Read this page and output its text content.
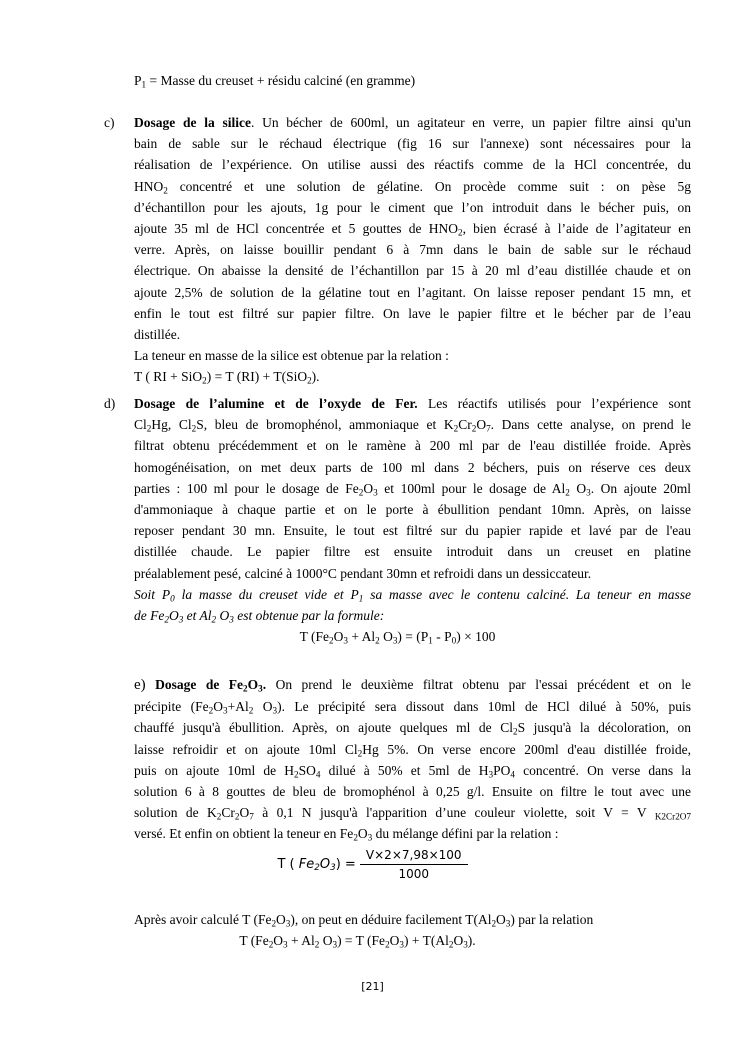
$P_1$ = Masse du creuset + résidu calciné (en gramme)
c) Dosage de la silice. Un bécher de 600ml, un agitateur en verre, un papier filtre ainsi qu'un
bain de sable sur le réchaud électrique (fig 16 sur l'annexe) sont nécessaires pour la
réalisation de l’expérience. On utilise aussi des réactifs comme de la HCl concentrée, du
$HNO_2$ concentré et une solution de gélatine. On procède comme suit : on pèse 5g
d’échantillon pour les ajouts, 1g pour le ciment que l’on introduit dans le bécher puis, on
ajoute 35 ml de HCl concentrée et 5 gouttes de $HNO_2$, bien écrasé à l’aide de l’agitateur en
verre. Après, on laisse bouillir pendant 6 à 7mn dans le bain de sable sur le réchaud
électrique. On abaisse la densité de l’échantillon par 15 à 20 ml d’eau distillée chaude et on
ajoute 2,5% de solution de la gélatine tout en l’agitant. On laisse reposer pendant 15 mn, et
enfin le tout est filtré sur papier filtre. On lave le papier filtre et le bécher par de l’eau
distillée.
La teneur en masse de la silice est obtenue par la relation :
T ( RI + SiO$_2$) = T (RI) + T(SiO$_2$).
d) Dosage de l’alumine et de l’oxyde de Fer. Les réactifs utilisés pour l’expérience sont
$Cl_2Hg$, $Cl_2S$, bleu de bromophénol, ammoniaque et $K_2Cr_2O_7$. Dans cette analyse, on prend le
filtrat obtenu précédemment et on le ramène à 200 ml par de l'eau distillée froide. Après
homogénéisation, on met deux parts de 100 ml dans 2 béchers, puis on réserve ces deux
parties : 100 ml pour le dosage de $Fe_2O_3$ et 100ml pour le dosage de $Al_2$ $O_3$. On ajoute 20ml
d'ammoniaque à chaque partie et on le porte à ébullition pendant 10mn. Après, on laisse
reposer pendant 30 mn. Ensuite, le tout est filtré sur du papier rapide et lavé par de l'eau
distillée chaude. Le papier filtre est ensuite introduit dans un creuset en platine
préalablement pesé, calciné à 1000°C pendant 30mn et refroidi dans un dessiccateur.
Soit $P_0$ la masse du creuset vide et $P_1$ sa masse avec le contenu calciné. La teneur en masse
de $Fe_2O_3$ et $Al_2$ $O_3$ est obtenue par la formule:
T ($Fe_2O_3 + Al_2$ $O_3) = (P_1 - P_0) \times 100$
e) Dosage de $Fe_2O_3$. On prend le deuxième filtrat obtenu par l'essai précédent et on le
précipite ($Fe_2O_3+Al_2$ $O_3$). Le précipité sera dissout dans 10ml de HCl dilué à 50%, puis
chauffé jusqu'à ébullition. Après, on ajoute quelques ml de $Cl_2S$ jusqu'à la décoloration, on
laisse refroidir et on ajoute 10ml $Cl_2Hg$ 5%. On verse encore 200ml d'eau distillée froide,
puis on ajoute 10ml de $H_2SO_4$ dilué à 50% et 5ml de $H_3PO_4$ concentré. On verse dans la
solution 6 à 8 gouttes de bleu de bromophénol à 0,25 g/l. Ensuite on filtre le tout avec une
solution de $K_2Cr_2O_7$ à 0,1 N jusqu'à l'apparition d’une couleur violette, soit V = V $_{K2Cr2O7}$
versé. Et enfin on obtient la teneur en $Fe_2O_3$ du mélange défini par la relation :
T ( $Fe_2O_3) = \frac{V\times 2\times 7,98\times 100}{1000}$
Après avoir calculé T $(Fe_2O_3)$, on peut en déduire facilement $T(Al_2O_3)$ par la relation
T ($Fe_2O_3 + Al_2$ $O_3) = T$ $(Fe_2O_3) + T(Al_2O_3)$.
[21]
